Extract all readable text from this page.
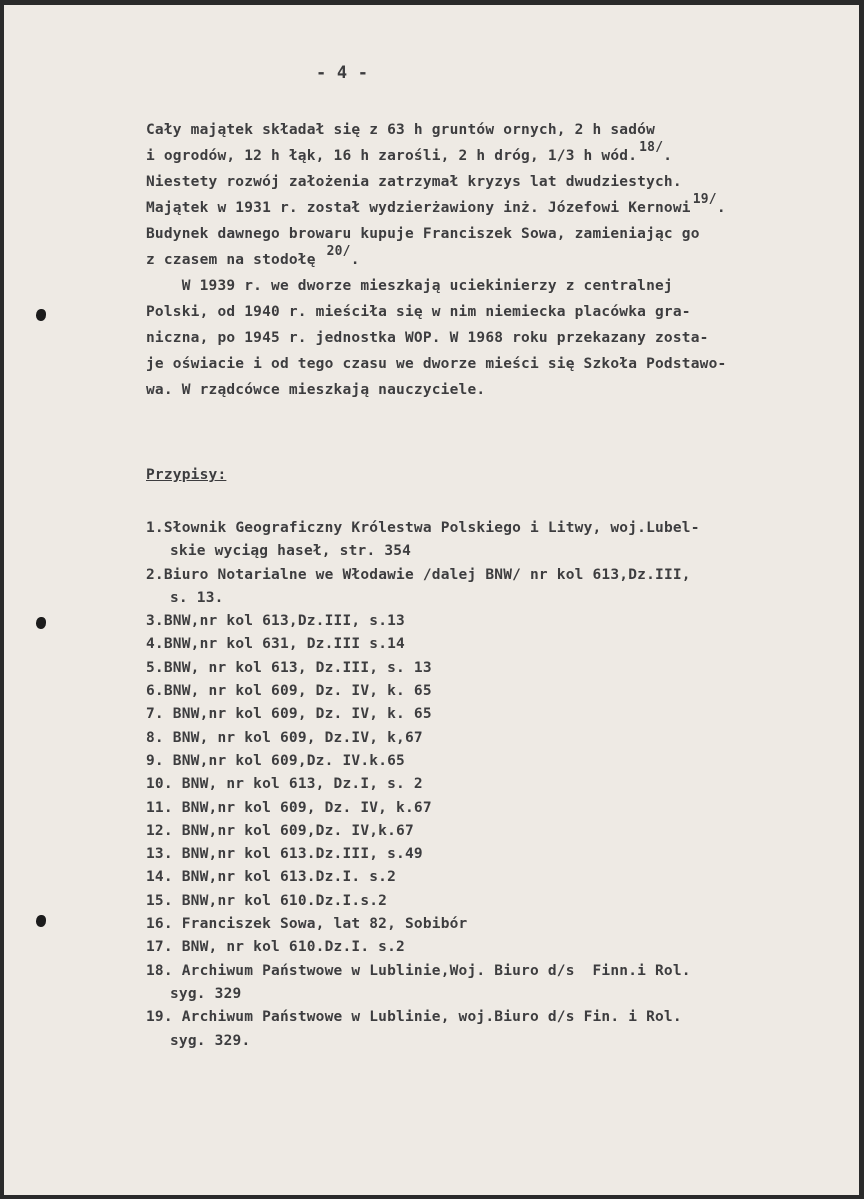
- 4 -
Cały majątek składał się z 63 h gruntów ornych, 2 h sadów
i ogrodów, 12 h łąk, 16 h zarośli, 2 h dróg, 1/3 h wód.18/.
Niestety rozwój założenia zatrzymał kryzys lat dwudziestych.
Majątek w 1931 r. został wydzierżawiony inż. Józefowi Kernowi19/.
Budynek dawnego browaru kupuje Franciszek Sowa, zamieniając go
z czasem na stodołę 20/.
W 1939 r. we dworze mieszkają uciekinierzy z centralnej
Polski, od 1940 r. mieściła się w nim niemiecka placówka gra-
niczna, po 1945 r. jednostka WOP. W 1968 roku przekazany zosta-
je oświacie i od tego czasu we dworze mieści się Szkoła Podstawo-
wa. W rządcówce mieszkają nauczyciele.
Przypisy:
1.Słownik Geograficzny Królestwa Polskiego i Litwy, woj.Lubel-
skie wyciąg haseł, str. 354
2.Biuro Notarialne we Włodawie /dalej BNW/ nr kol 613,Dz.III,
s. 13.
3.BNW,nr kol 613,Dz.III, s.13
4.BNW,nr kol 631, Dz.III s.14
5.BNW, nr kol 613, Dz.III, s. 13
6.BNW, nr kol 609, Dz. IV, k. 65
7. BNW,nr kol 609, Dz. IV, k. 65
8. BNW, nr kol 609, Dz.IV, k,67
9. BNW,nr kol 609,Dz. IV.k.65
10. BNW, nr kol 613, Dz.I, s. 2
11. BNW,nr kol 609, Dz. IV, k.67
12. BNW,nr kol 609,Dz. IV,k.67
13. BNW,nr kol 613.Dz.III, s.49
14. BNW,nr kol 613.Dz.I. s.2
15. BNW,nr kol 610.Dz.I.s.2
16. Franciszek Sowa, lat 82, Sobibór
17. BNW, nr kol 610.Dz.I. s.2
18. Archiwum Państwowe w Lublinie,Woj. Biuro d/s  Finn.i Rol.
syg. 329
19. Archiwum Państwowe w Lublinie, woj.Biuro d/s Fin. i Rol.
syg. 329.
